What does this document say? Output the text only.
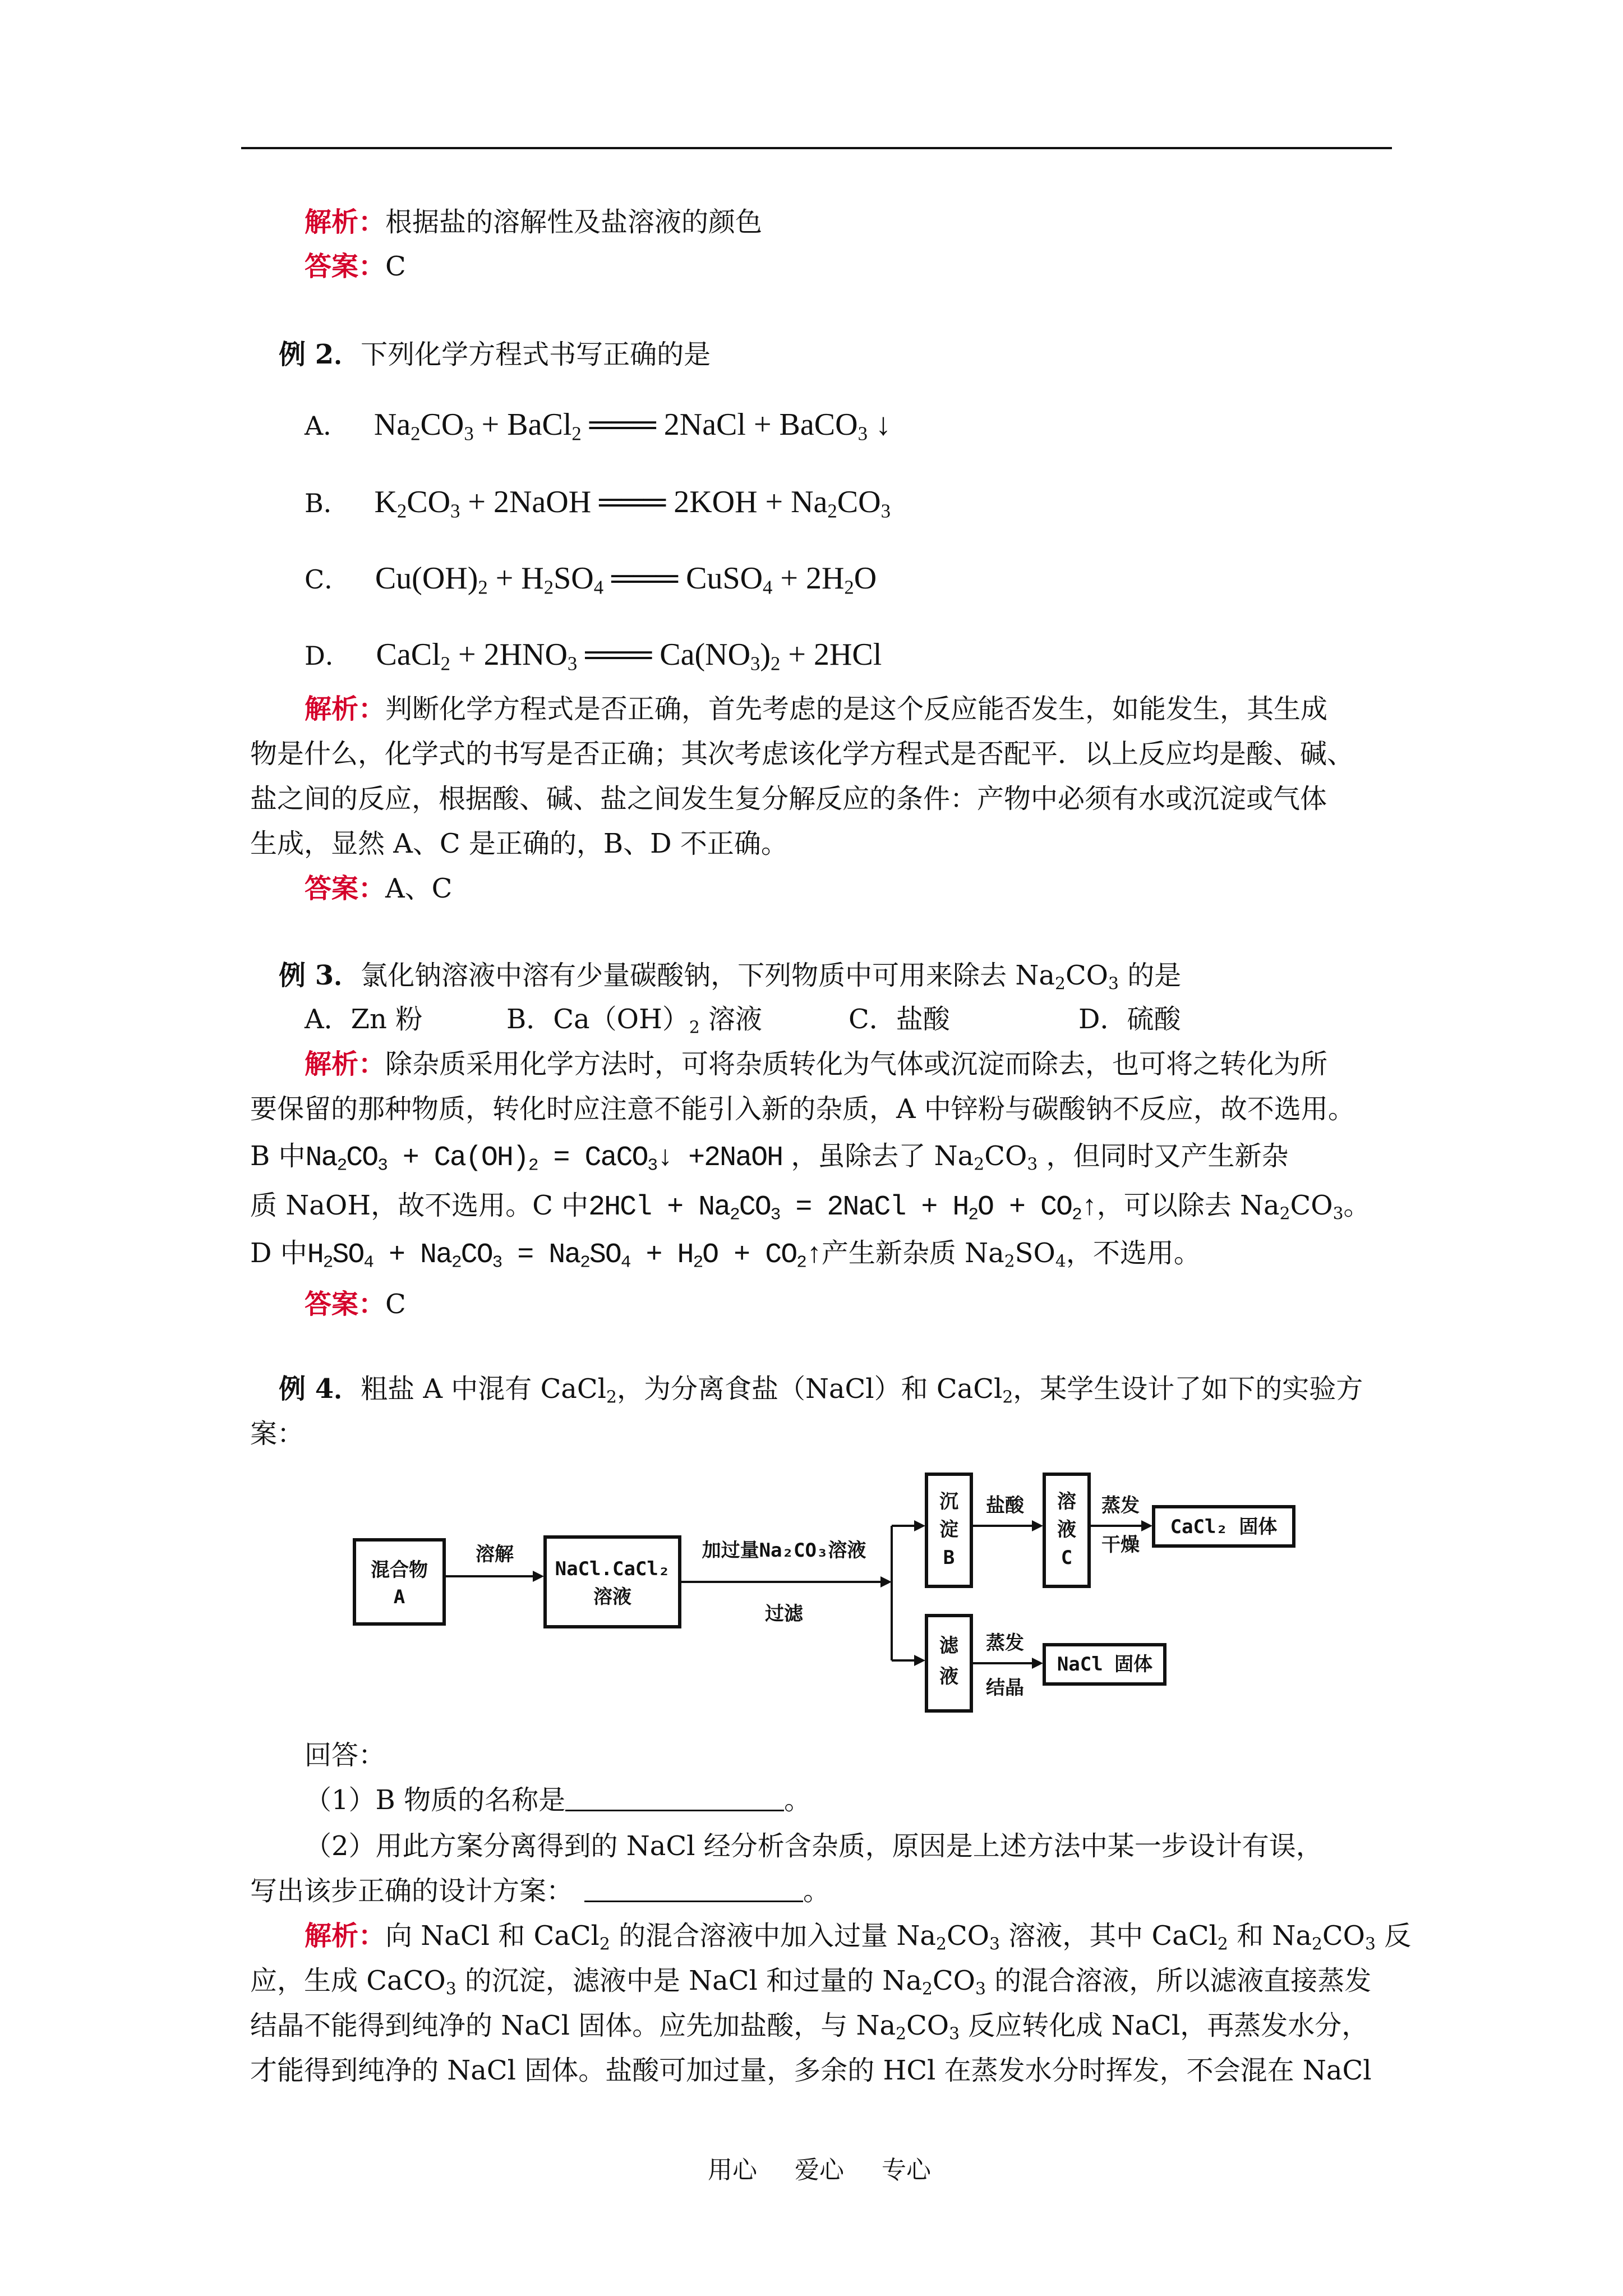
解析：根据盐的溶解性及盐溶液的颜色
答案：C
例 2．下列化学方程式书写正确的是
A． $Na_2CO_3$ + BaCl$_2$ ═══ 2NaCl + BaCO$_3$ ↓
B． $K_2CO_3$ + 2NaOH ═══ $2KOH + Na_2CO_3$
C． $Cu(OH)_2 + H_2SO_4$ ═══ CuSO$_4$ + $2H_2O$
D． CaCl$_2$ + $2HNO_3$ ═══ $Ca(NO_3)_2 + 2HCl$
解析：判断化学方程式是否正确，首先考虑的是这个反应能否发生，如能发生，其生成
物是什么，化学式的书写是否正确；其次考虑该化学方程式是否配平．以上反应均是酸、碱、
盐之间的反应，根据酸、碱、盐之间发生复分解反应的条件：产物中必须有水或沉淀或气体
生成，显然 A、C 是正确的，B、D 不正确。
答案：A、C
例 3．氯化钠溶液中溶有少量碳酸钠，下列物质中可用来除去 $Na_2CO_3$ 的是
A．Zn 粉	B．$Ca(OH)_2$ 溶液	C．盐酸	D．硫酸
解析：除杂质采用化学方法时，可将杂质转化为气体或沉淀而除去，也可将之转化为所
要保留的那种物质，转化时应注意不能引入新的杂质，A 中锌粉与碳酸钠不反应，故不选用。
B 中$Na_2CO_3 + Ca(OH)_2$ = CaCO$_3$↓ +2NaOH ，虽除去了 $Na_2CO_3$ ，但同时又产生新杂
质 NaOH，故不选用。C 中$2HCl + Na_2CO_3$ = 2NaCl + $H_2O$ + $CO_2↑$，可以除去 $Na_2CO_3$。
D 中$H_2SO_4 + Na_2CO_3 = Na_2SO_4 + H_2O$ + $CO_2↑$产生新杂质 $Na_2SO_4$，不选用。
答案：C
例 4．粗盐 A 中混有 CaCl$_2$，为分离食盐（NaCl）和 CaCl$_2$，某学生设计了如下的实验方
案：
混合物
A
溶解
NaCl.CaCl₂
溶液
加过量Na₂CO₃溶液
过滤
沉
淀
B
盐酸 溶
液
C
蒸发
干燥
CaCl₂ 固体
滤
液
蒸发
结晶
NaCl 固体
回答：
（1）B 物质的名称是	。
（2）用此方案分离得到的 NaCl 经分析含杂质，原因是上述方法中某一步设计有误，
写出该步正确的设计方案：	。
解析：向 NaCl 和 CaCl$_2$ 的混合溶液中加入过量 $Na_2CO_3$ 溶液，其中 CaCl$_2$ 和 $Na_2CO_3$ 反
应，生成 CaCO$_3$ 的沉淀，滤液中是 NaCl 和过量的 $Na_2CO_3$ 的混合溶液，所以滤液直接蒸发
结晶不能得到纯净的 NaCl 固体。应先加盐酸，与 $Na_2CO_3$ 反应转化成 NaCl，再蒸发水分，
才能得到纯净的 NaCl 固体。盐酸可加过量，多余的 HCl 在蒸发水分时挥发，不会混在 NaCl
用心 爱心 专心
